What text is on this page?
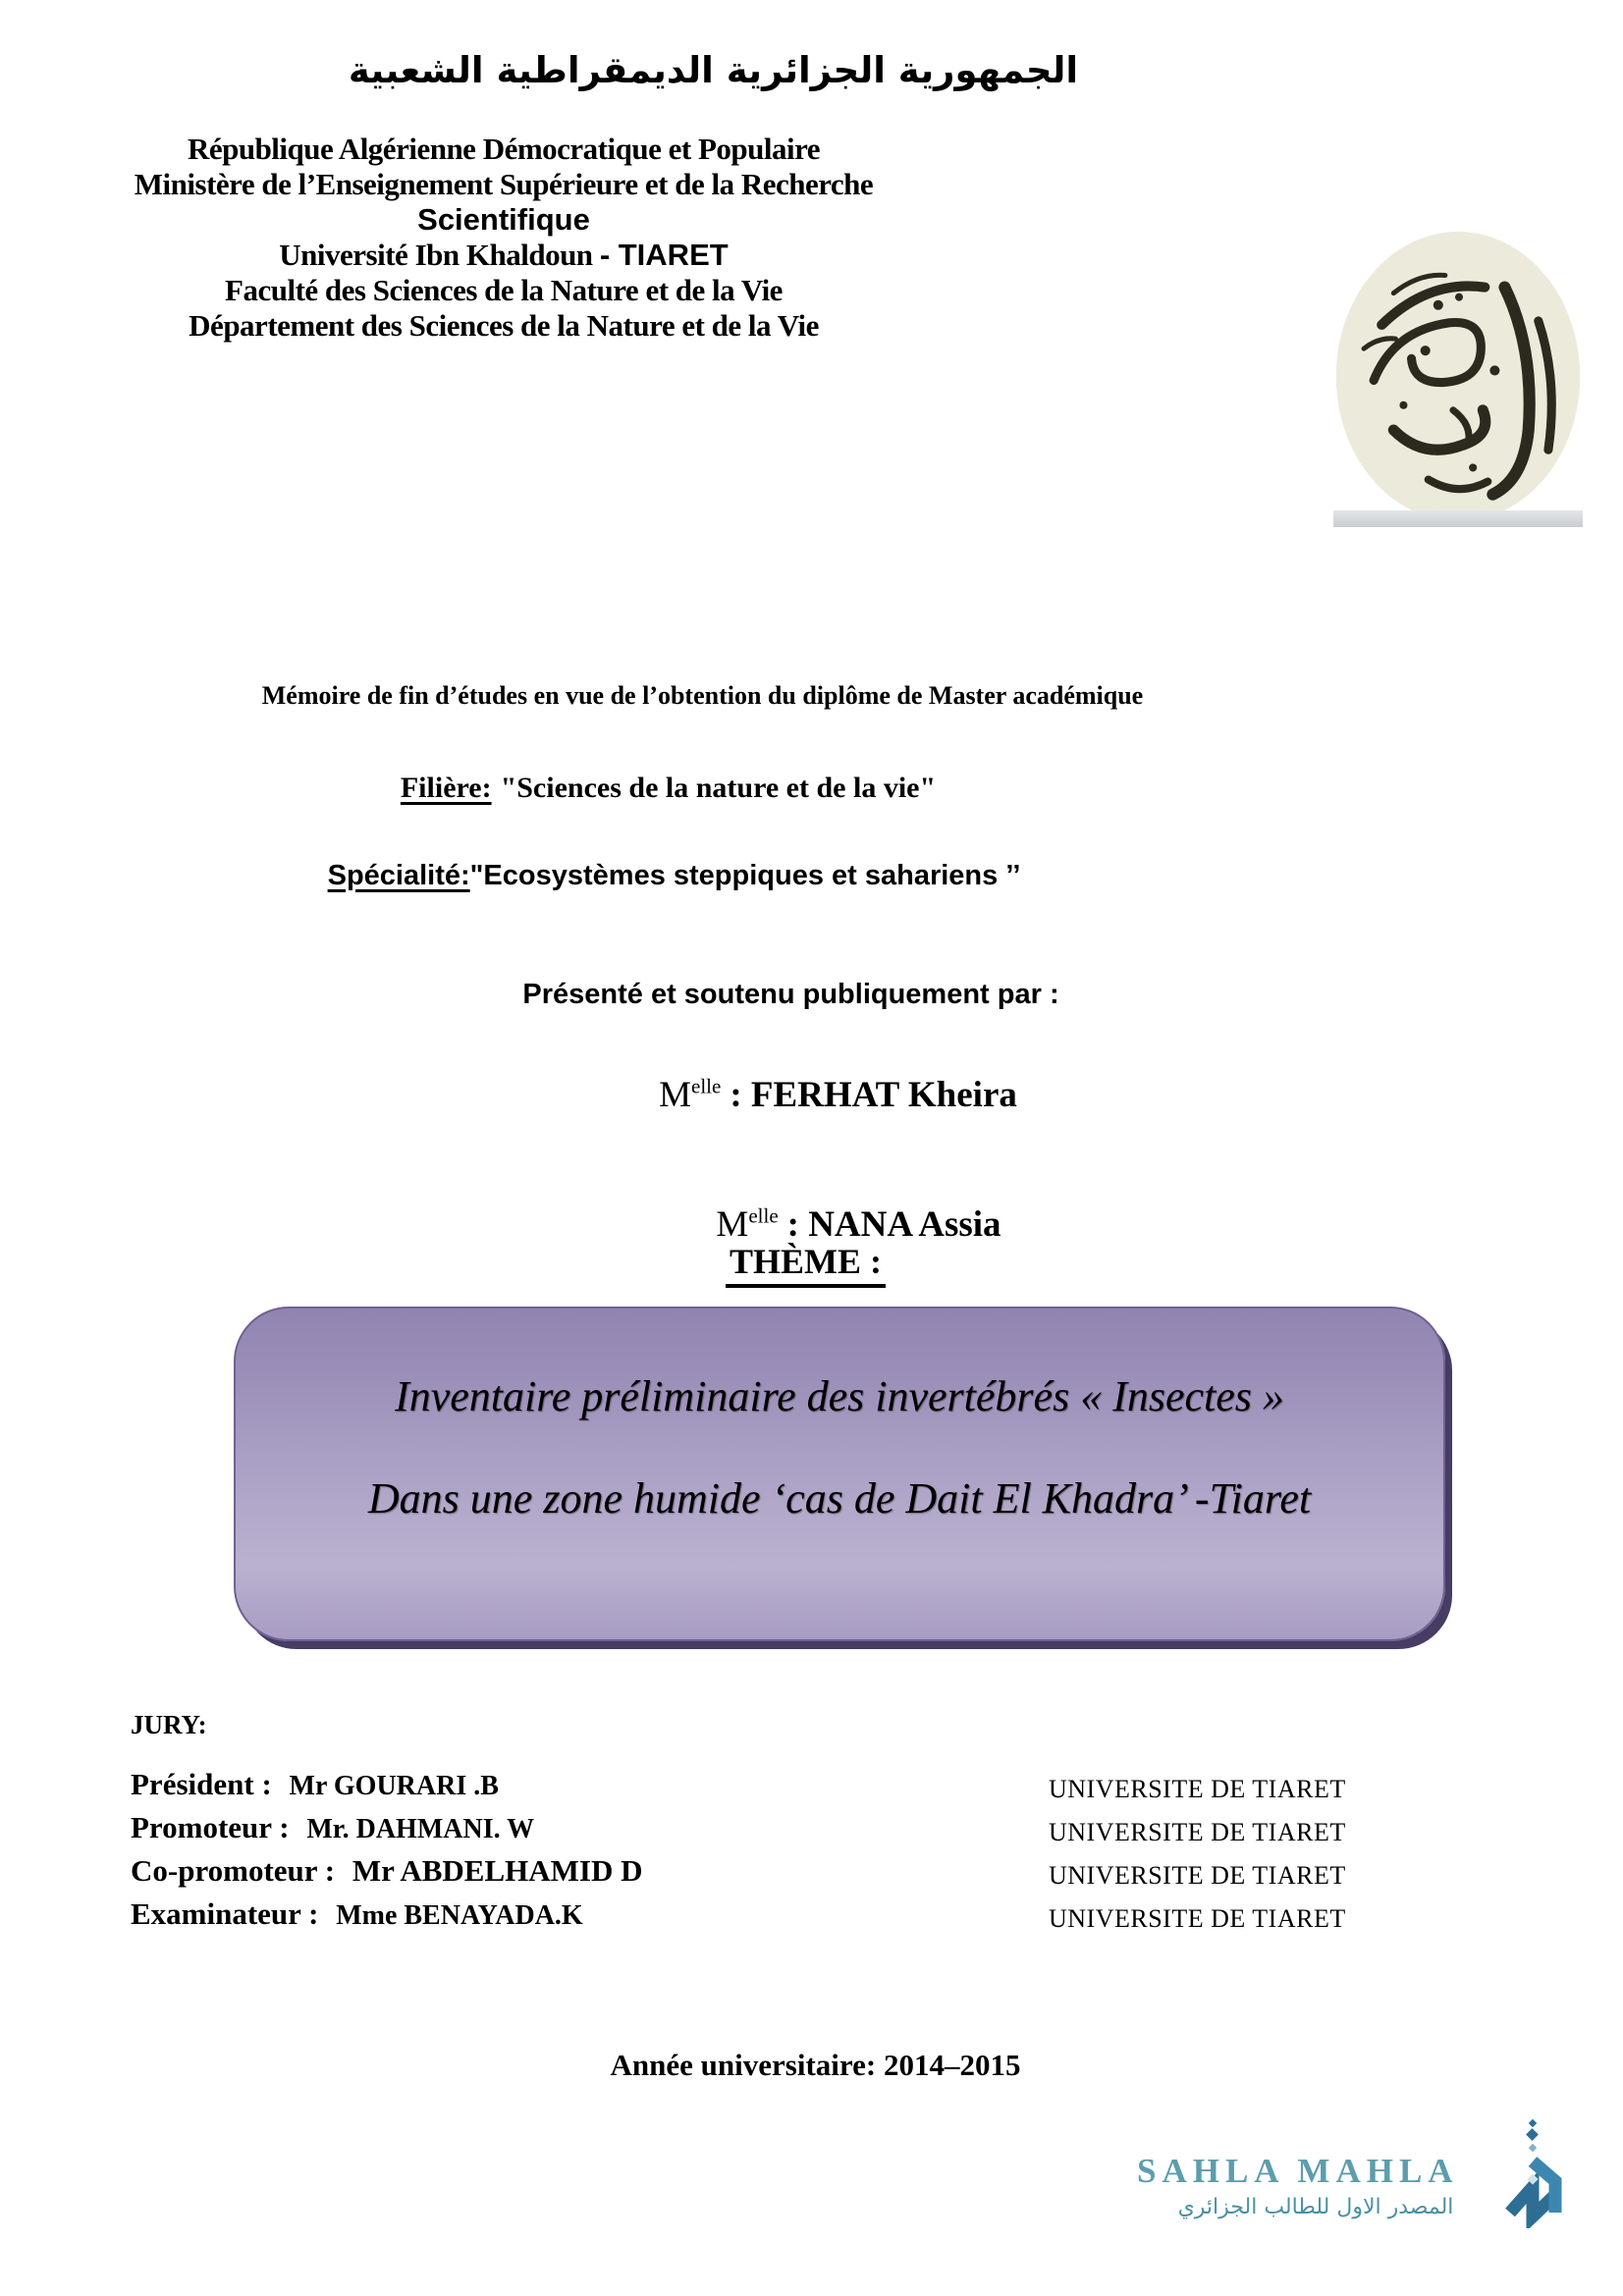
الجمهورية الجزائرية الديمقراطية الشعبية
République Algérienne Démocratique et Populaire
Ministère de l’Enseignement Supérieure et de la Recherche
Scientifique
Université Ibn Khaldoun - TIARET
Faculté des Sciences de la Nature et de la Vie
Département des Sciences de la Nature et de la Vie
Mémoire de fin d’études en vue de l’obtention du diplôme de Master académique
Filière: "Sciences de la nature et de la vie"
Spécialité:"Ecosystèmes steppiques et sahariens ’’
Présenté et soutenu publiquement par :
$M^{elle}$ : FERHAT Kheira
$M^{elle}$ : NANA Assia
THÈME :
Inventaire préliminaire des invertébrés « Insectes »
Dans une zone humide ‘cas de Dait El Khadra’ -Tiaret
JURY:
Président : Mr GOURARI .B	UNIVERSITE DE TIARET
Promoteur : Mr. DAHMANI. W	UNIVERSITE DE TIARET
Co-promoteur : Mr ABDELHAMID D	UNIVERSITE DE TIARET
Examinateur : Mme BENAYADA.K	UNIVERSITE DE TIARET
Année universitaire: 2014–2015
SAHLA MAHLA
المصدر الاول للطالب الجزائري
